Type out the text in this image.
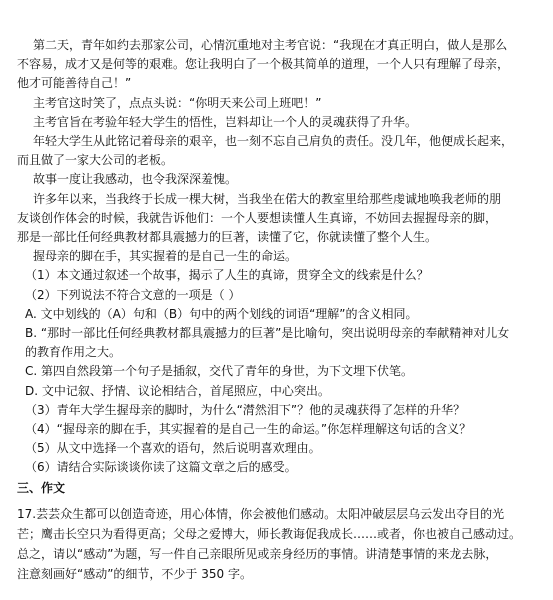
第二天，青年如约去那家公司，心情沉重地对主考官说：“我现在才真正明白，做人是那么
不容易，成才又是何等的艰难。您让我明白了一个极其简单的道理，一个人只有理解了母亲，
他才可能善待自己！”
主考官这时笑了，点点头说：“你明天来公司上班吧！”
主考官旨在考验年轻大学生的悟性，岂料却让一个人的灵魂获得了升华。
年轻大学生从此铭记着母亲的艰辛，也一刻不忘自己肩负的责任。没几年，他便成长起来，
而且做了一家大公司的老板。
故事一度让我感动，也令我深深羞愧。
许多年以来，当我终于长成一棵大树，当我坐在偌大的教室里给那些虔诚地唤我老师的朋
友谈创作体会的时候，我就告诉他们：一个人要想读懂人生真谛，不妨回去握握母亲的脚，
那是一部比任何经典教材都具震撼力的巨著，读懂了它，你就读懂了整个人生。
握母亲的脚在手，其实握着的是自己一生的命运。
（1）本文通过叙述一个故事，揭示了人生的真谛，贯穿全文的线索是什么？
（2）下列说法不符合文意的一项是（ ）
A. 文中划线的（A）句和（B）句中的两个划线的词语“理解”的含义相同。
B. “那时一部比任何经典教材都具震撼力的巨著”是比喻句，突出说明母亲的奉献精神对儿女
的教育作用之大。
C. 第四自然段第一个句子是插叙，交代了青年的身世，为下文埋下伏笔。
D. 文中记叙、抒情、议论相结合，首尾照应，中心突出。
（3）青年大学生握母亲的脚时，为什么“潸然泪下”？他的灵魂获得了怎样的升华？
（4）“握母亲的脚在手，其实握着的是自己一生的命运。”你怎样理解这句话的含义？
（5）从文中选择一个喜欢的语句，然后说明喜欢理由。
（6）请结合实际谈谈你读了这篇文章之后的感受。
三、作文
17.芸芸众生都可以创造奇迹，用心体情，你会被他们感动。太阳冲破层层乌云发出夺目的光
芒；鹰击长空只为看得更高；父母之爱博大，师长教诲促我成长……或者，你也被自己感动过。
总之，请以“感动”为题，写一件自己亲眼所见或亲身经历的事情。讲清楚事情的来龙去脉，
注意刻画好“感动”的细节，不少于 350 字。
